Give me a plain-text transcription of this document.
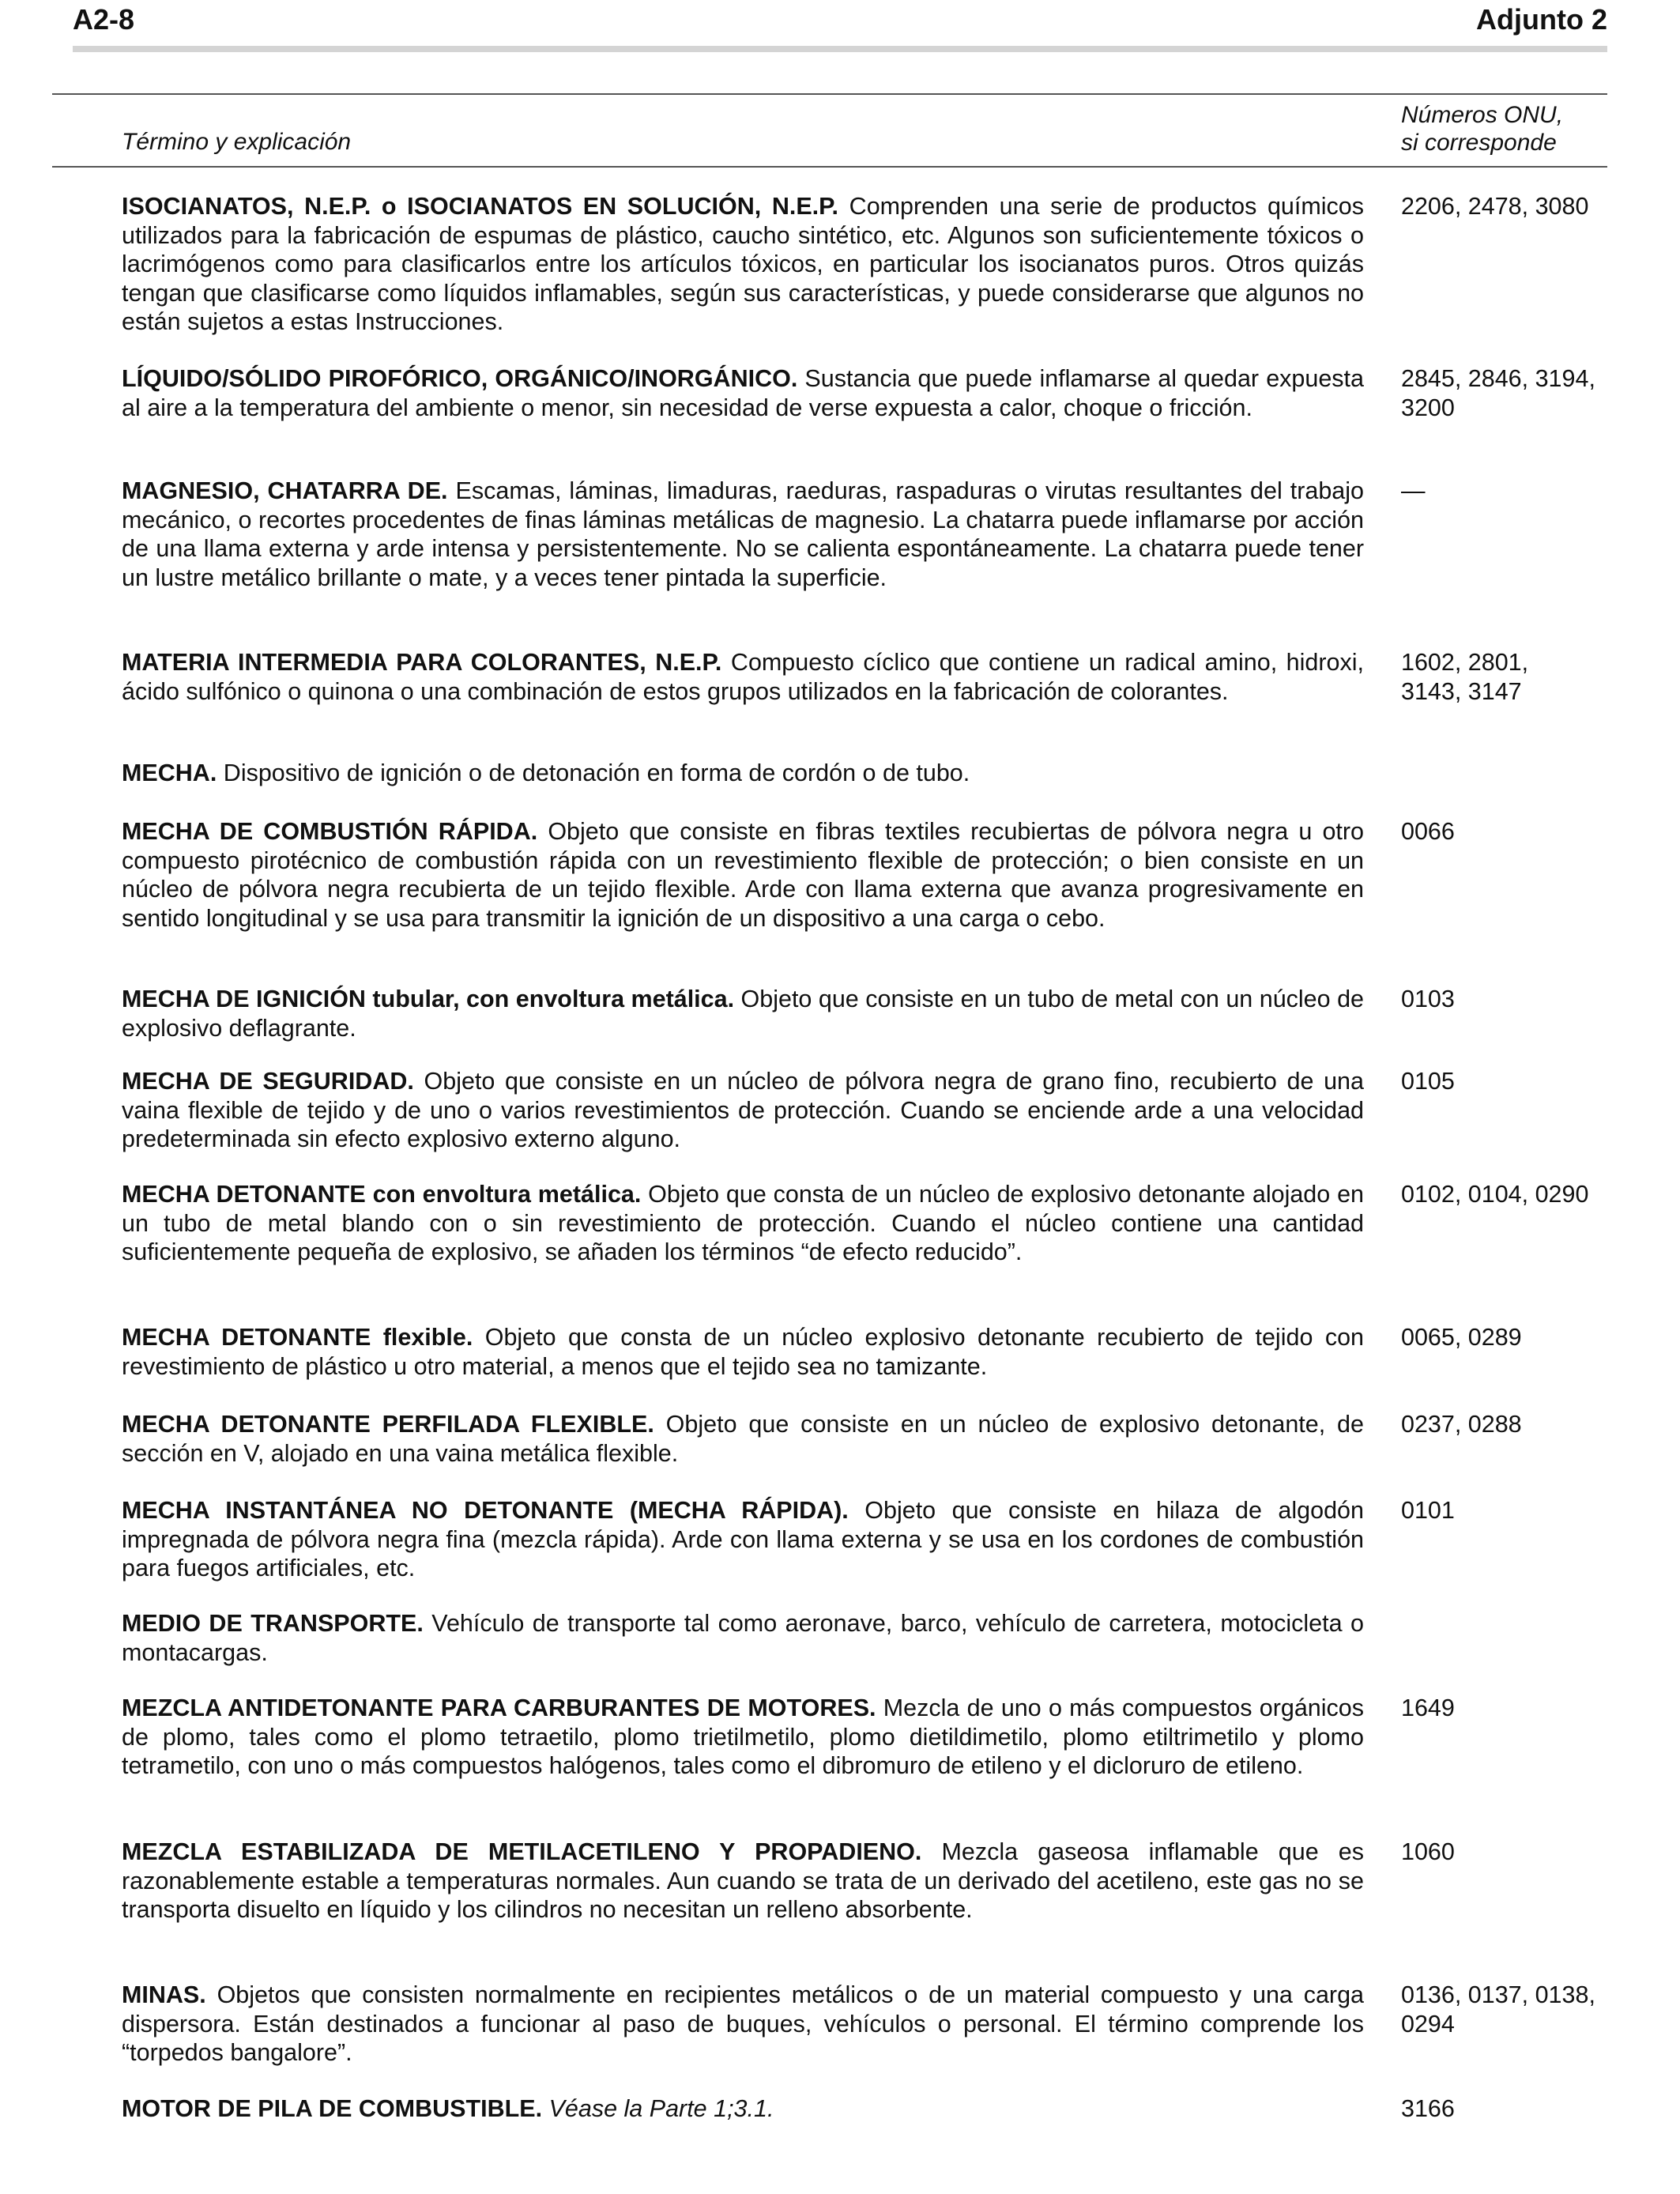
A2-8	Adjunto 2
Término y explicación
Números ONU,
si corresponde
ISOCIANATOS, N.E.P. o ISOCIANATOS EN SOLUCIÓN, N.E.P. Comprenden una serie de productos químicos utilizados para la fabricación de espumas de plástico, caucho sintético, etc. Algunos son suficientemente tóxicos o lacrimógenos como para clasificarlos entre los artículos tóxicos, en particular los isocianatos puros. Otros quizás tengan que clasificarse como líquidos inflamables, según sus características, y puede considerarse que algunos no están sujetos a estas Instrucciones.
2206, 2478, 3080
LÍQUIDO/SÓLIDO PIROFÓRICO, ORGÁNICO/INORGÁNICO. Sustancia que puede inflamarse al quedar expuesta al aire a la temperatura del ambiente o menor, sin necesidad de verse expuesta a calor, choque o fricción.
2845, 2846, 3194, 3200
MAGNESIO, CHATARRA DE. Escamas, láminas, limaduras, raeduras, raspaduras o virutas resultantes del trabajo mecánico, o recortes procedentes de finas láminas metálicas de magnesio. La chatarra puede inflamarse por acción de una llama externa y arde intensa y persistentemente. No se calienta espontáneamente. La chatarra puede tener un lustre metálico brillante o mate, y a veces tener pintada la superficie.
—
MATERIA INTERMEDIA PARA COLORANTES, N.E.P. Compuesto cíclico que contiene un radical amino, hidroxi, ácido sulfónico o quinona o una combinación de estos grupos utilizados en la fabricación de colorantes.
1602, 2801, 3143, 3147
MECHA. Dispositivo de ignición o de detonación en forma de cordón o de tubo.
MECHA DE COMBUSTIÓN RÁPIDA. Objeto que consiste en fibras textiles recubiertas de pólvora negra u otro compuesto pirotécnico de combustión rápida con un revestimiento flexible de protección; o bien consiste en un núcleo de pólvora negra recubierta de un tejido flexible. Arde con llama externa que avanza progresivamente en sentido longitudinal y se usa para transmitir la ignición de un dispositivo a una carga o cebo.
0066
MECHA DE IGNICIÓN tubular, con envoltura metálica. Objeto que consiste en un tubo de metal con un núcleo de explosivo deflagrante.
0103
MECHA DE SEGURIDAD. Objeto que consiste en un núcleo de pólvora negra de grano fino, recubierto de una vaina flexible de tejido y de uno o varios revestimientos de protección. Cuando se enciende arde a una velocidad predeterminada sin efecto explosivo externo alguno.
0105
MECHA DETONANTE con envoltura metálica. Objeto que consta de un núcleo de explosivo detonante alojado en un tubo de metal blando con o sin revestimiento de protección. Cuando el núcleo contiene una cantidad suficientemente pequeña de explosivo, se añaden los términos “de efecto reducido”.
0102, 0104, 0290
MECHA DETONANTE flexible. Objeto que consta de un núcleo explosivo detonante recubierto de tejido con revestimiento de plástico u otro material, a menos que el tejido sea no tamizante.
0065, 0289
MECHA DETONANTE PERFILADA FLEXIBLE. Objeto que consiste en un núcleo de explosivo detonante, de sección en V, alojado en una vaina metálica flexible.
0237, 0288
MECHA INSTANTÁNEA NO DETONANTE (MECHA RÁPIDA). Objeto que consiste en hilaza de algodón impregnada de pólvora negra fina (mezcla rápida). Arde con llama externa y se usa en los cordones de combustión para fuegos artificiales, etc.
0101
MEDIO DE TRANSPORTE. Vehículo de transporte tal como aeronave, barco, vehículo de carretera, motocicleta o montacargas.
MEZCLA ANTIDETONANTE PARA CARBURANTES DE MOTORES. Mezcla de uno o más compuestos orgánicos de plomo, tales como el plomo tetraetilo, plomo trietilmetilo, plomo dietildimetilo, plomo etiltrimetilo y plomo tetrametilo, con uno o más compuestos halógenos, tales como el dibromuro de etileno y el dicloruro de etileno.
1649
MEZCLA ESTABILIZADA DE METILACETILENO Y PROPADIENO. Mezcla gaseosa inflamable que es razonablemente estable a temperaturas normales. Aun cuando se trata de un derivado del acetileno, este gas no se transporta disuelto en líquido y los cilindros no necesitan un relleno absorbente.
1060
MINAS. Objetos que consisten normalmente en recipientes metálicos o de un material compuesto y una carga dispersora. Están destinados a funcionar al paso de buques, vehículos o personal. El término comprende los “torpedos bangalore”.
0136, 0137, 0138, 0294
MOTOR DE PILA DE COMBUSTIBLE. Véase la Parte 1;3.1.	3166
